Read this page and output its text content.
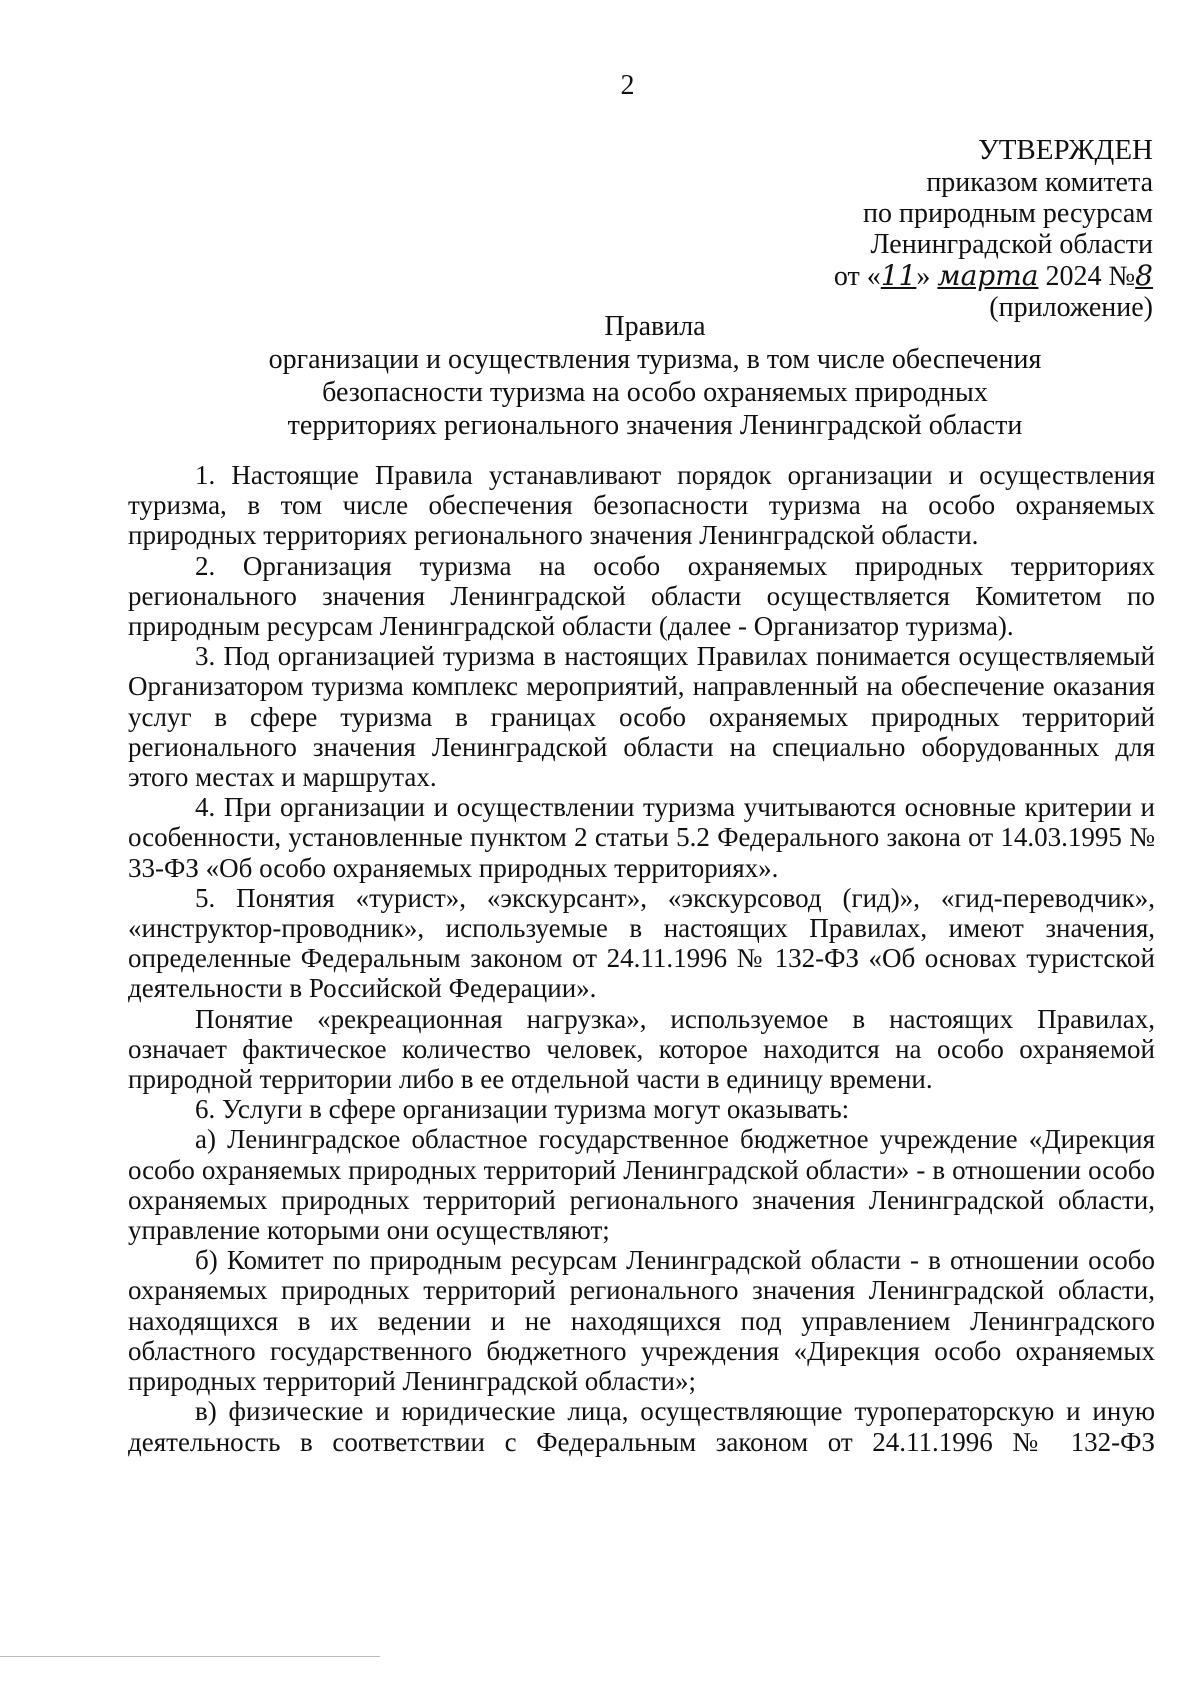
2
УТВЕРЖДЕН
приказом комитета
по природным ресурсам
Ленинградской области
от «11» марта 2024 №8
(приложение)
Правила
организации и осуществления туризма, в том числе обеспечения
безопасности туризма на особо охраняемых природных
территориях регионального значения Ленинградской области

1. Настоящие Правила устанавливают порядок организации и осуществления туризма, в том числе обеспечения безопасности туризма на особо охраняемых природных территориях регионального значения Ленинградской области.

2. Организация туризма на особо охраняемых природных территориях регионального значения Ленинградской области осуществляется Комитетом по природным ресурсам Ленинградской области (далее - Организатор туризма).

3. Под организацией туризма в настоящих Правилах понимается осуществляемый Организатором туризма комплекс мероприятий, направленный на обеспечение оказания услуг в сфере туризма в границах особо охраняемых природных территорий регионального значения Ленинградской области на специально оборудованных для этого местах и маршрутах.

4. При организации и осуществлении туризма учитываются основные критерии и особенности, установленные пунктом 2 статьи 5.2 Федерального закона от 14.03.1995 № 33-ФЗ «Об особо охраняемых природных территориях».

5. Понятия «турист», «экскурсант», «экскурсовод (гид)», «гид-переводчик», «инструктор-проводник», используемые в настоящих Правилах, имеют значения, определенные Федеральным законом от 24.11.1996 № 132-ФЗ «Об основах туристской деятельности в Российской Федерации».

Понятие «рекреационная нагрузка», используемое в настоящих Правилах, означает фактическое количество человек, которое находится на особо охраняемой природной территории либо в ее отдельной части в единицу времени.

6. Услуги в сфере организации туризма могут оказывать:

а) Ленинградское областное государственное бюджетное учреждение «Дирекция особо охраняемых природных территорий Ленинградской области» - в отношении особо охраняемых природных территорий регионального значения Ленинградской области, управление которыми они осуществляют;

б) Комитет по природным ресурсам Ленинградской области - в отношении особо охраняемых природных территорий регионального значения Ленинградской области, находящихся в их ведении и не находящихся под управлением Ленинградского областного государственного бюджетного учреждения «Дирекция особо охраняемых природных территорий Ленинградской области»;

в) физические и юридические лица, осуществляющие туроператорскую и иную деятельность в соответствии с Федеральным законом от 24.11.1996 № 132-ФЗ
